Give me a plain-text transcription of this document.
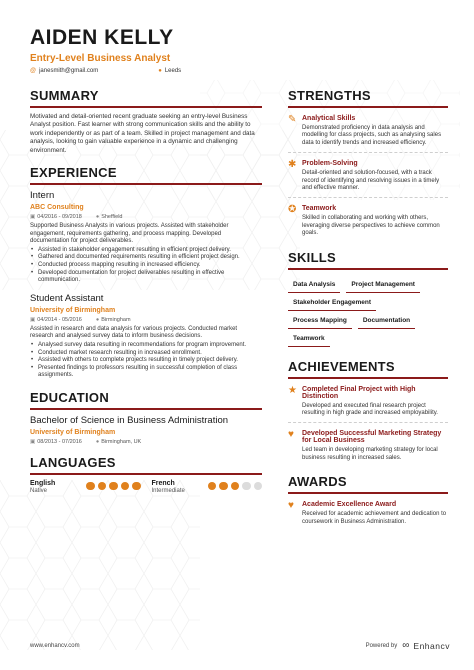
AIDEN KELLY
Entry-Level Business Analyst
@ janesmith@gmail.com	● Leeds
SUMMARY
Motivated and detail-oriented recent graduate seeking an entry-level Business Analyst position. Fast learner with strong communication skills and the ability to work independently or as part of a team. Skilled in project management and data analysis, looking to gain valuable experience in a dynamic and challenging environment.
EXPERIENCE
Intern
ABC Consulting
▣ 04/2016 - 09/2018	● Sheffield
Supported Business Analysts in various projects. Assisted with stakeholder engagement, requirements gathering, and process mapping. Developed documentation for project deliverables.
• Assisted in stakeholder engagement resulting in efficient project delivery.
• Gathered and documented requirements resulting in efficient project design.
• Conducted process mapping resulting in increased efficiency.
• Developed documentation for project deliverables resulting in effective communication.
Student Assistant
University of Birmingham
▣ 04/2014 - 05/2016	● Birmingham
Assisted in research and data analysis for various projects. Conducted market research and analysed survey data to inform business decisions.
• Analysed survey data resulting in recommendations for program improvement.
• Conducted market research resulting in increased enrollment.
• Assisted with others to complete projects resulting in timely project delivery.
• Presented findings to professors resulting in successful completion of class assignments.
EDUCATION
Bachelor of Science in Business Administration
University of Birmingham
▣ 08/2013 - 07/2016	● Birmingham, UK
LANGUAGES
English
Native
French
Intermediate
STRENGTHS
✎ Analytical Skills
Demonstrated proficiency in data analysis and modelling for class projects, such as analysing sales data to identify trends and increased efficiency.
✱ Problem-Solving
Detail-oriented and solution-focused, with a track record of identifying and resolving issues in a timely and effective manner.
✪ Teamwork
Skilled in collaborating and working with others, leveraging diverse perspectives to achieve common goals.
SKILLS
Data Analysis	Project Management
Stakeholder Engagement
Process Mapping	Documentation
Teamwork
ACHIEVEMENTS
★ Completed Final Project with High Distinction
Developed and executed final research project resulting in high grade and increased employability.
♥	Developed Successful Marketing Strategy for Local Business
Led team in developing marketing strategy for local business resulting in increased sales.
AWARDS
♥	Academic Excellence Award
Received for academic achievement and dedication to coursework in Business Administration.
www.enhancv.com	Powered by ∞ Enhancv
